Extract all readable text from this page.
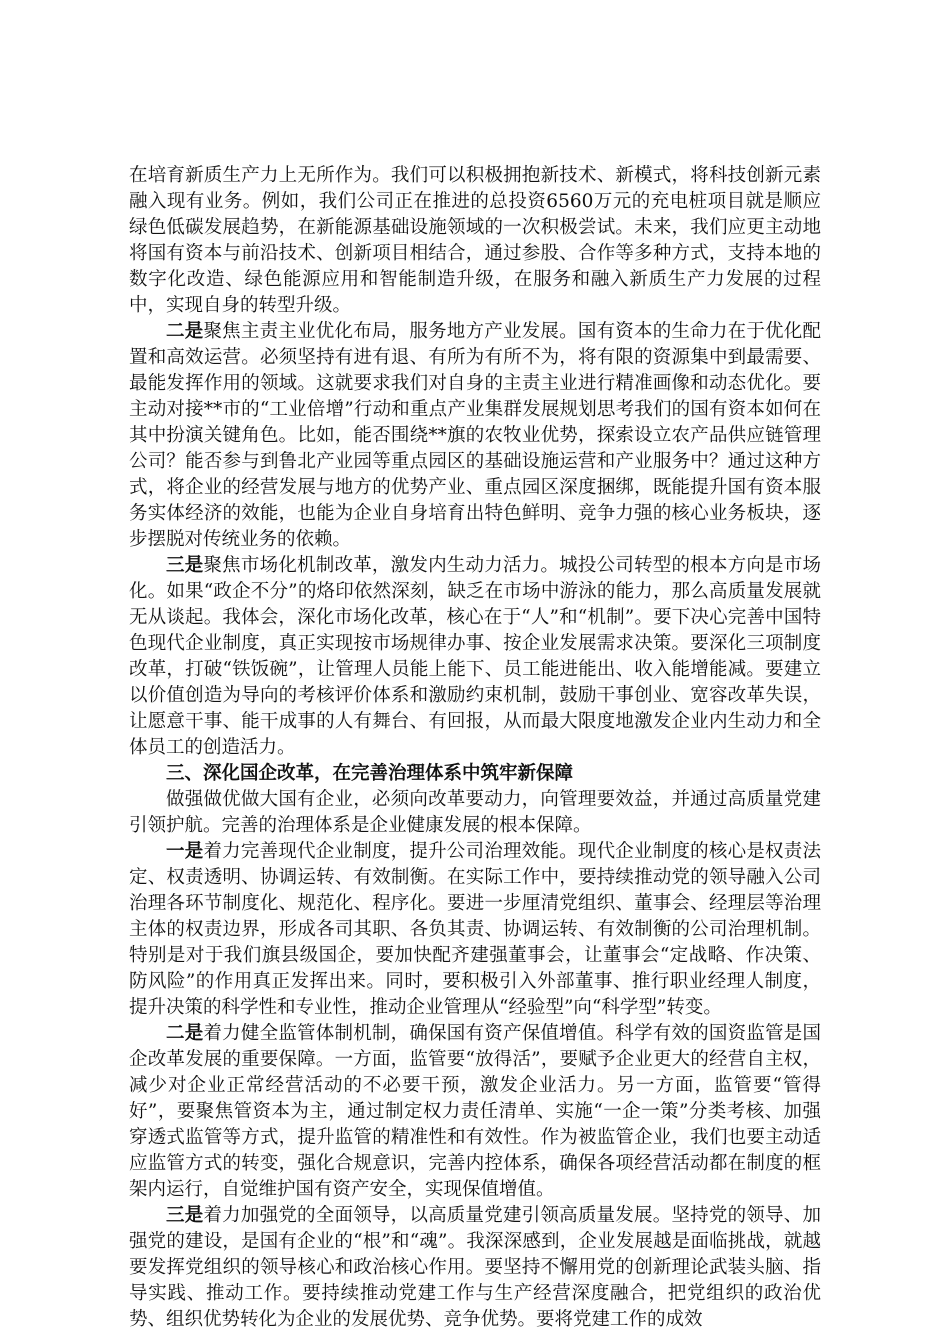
在培育新质生产力上无所作为。我们可以积极拥抱新技术、新模式，将科技创新元素融入现有业务。例如，我们公司正在推进的总投资6560万元的充电桩项目就是顺应绿色低碳发展趋势，在新能源基础设施领域的一次积极尝试。未来，我们应更主动地将国有资本与前沿技术、创新项目相结合，通过参股、合作等多种方式，支持本地的数字化改造、绿色能源应用和智能制造升级，在服务和融入新质生产力发展的过程中，实现自身的转型升级。

二是聚焦主责主业优化布局，服务地方产业发展。国有资本的生命力在于优化配置和高效运营。必须坚持有进有退、有所为有所不为，将有限的资源集中到最需要、最能发挥作用的领域。这就要求我们对自身的主责主业进行精准画像和动态优化。要主动对接**市的“工业倍增”行动和重点产业集群发展规划思考我们的国有资本如何在其中扮演关键角色。比如，能否围绕**旗的农牧业优势，探索设立农产品供应链管理公司？能否参与到鲁北产业园等重点园区的基础设施运营和产业服务中？通过这种方式，将企业的经营发展与地方的优势产业、重点园区深度捆绑，既能提升国有资本服务实体经济的效能，也能为企业自身培育出特色鲜明、竞争力强的核心业务板块，逐步摆脱对传统业务的依赖。

三是聚焦市场化机制改革，激发内生动力活力。城投公司转型的根本方向是市场化。如果“政企不分”的烙印依然深刻，缺乏在市场中游泳的能力，那么高质量发展就无从谈起。我体会，深化市场化改革，核心在于“人”和“机制”。要下决心完善中国特色现代企业制度，真正实现按市场规律办事、按企业发展需求决策。要深化三项制度改革，打破“铁饭碗”，让管理人员能上能下、员工能进能出、收入能增能减。要建立以价值创造为导向的考核评价体系和激励约束机制，鼓励干事创业、宽容改革失误，让愿意干事、能干成事的人有舞台、有回报，从而最大限度地激发企业内生动力和全体员工的创造活力。

三、深化国企改革，在完善治理体系中筑牢新保障

做强做优做大国有企业，必须向改革要动力，向管理要效益，并通过高质量党建引领护航。完善的治理体系是企业健康发展的根本保障。

一是着力完善现代企业制度，提升公司治理效能。现代企业制度的核心是权责法定、权责透明、协调运转、有效制衡。在实际工作中，要持续推动党的领导融入公司治理各环节制度化、规范化、程序化。要进一步厘清党组织、董事会、经理层等治理主体的权责边界，形成各司其职、各负其责、协调运转、有效制衡的公司治理机制。特别是对于我们旗县级国企，要加快配齐建强董事会，让董事会“定战略、作决策、防风险”的作用真正发挥出来。同时，要积极引入外部董事、推行职业经理人制度，提升决策的科学性和专业性，推动企业管理从“经验型”向“科学型”转变。

二是着力健全监管体制机制，确保国有资产保值增值。科学有效的国资监管是国企改革发展的重要保障。一方面，监管要“放得活”，要赋予企业更大的经营自主权，减少对企业正常经营活动的不必要干预，激发企业活力。另一方面，监管要“管得好”，要聚焦管资本为主，通过制定权力责任清单、实施“一企一策”分类考核、加强穿透式监管等方式，提升监管的精准性和有效性。作为被监管企业，我们也要主动适应监管方式的转变，强化合规意识，完善内控体系，确保各项经营活动都在制度的框架内运行，自觉维护国有资产安全，实现保值增值。

三是着力加强党的全面领导，以高质量党建引领高质量发展。坚持党的领导、加强党的建设，是国有企业的“根”和“魂”。我深深感到，企业发展越是面临挑战，就越要发挥党组织的领导核心和政治核心作用。要坚持不懈用党的创新理论武装头脑、指导实践、推动工作。要持续推动党建工作与生产经营深度融合，把党组织的政治优势、组织优势转化为企业的发展优势、竞争优势。要将党建工作的成效
